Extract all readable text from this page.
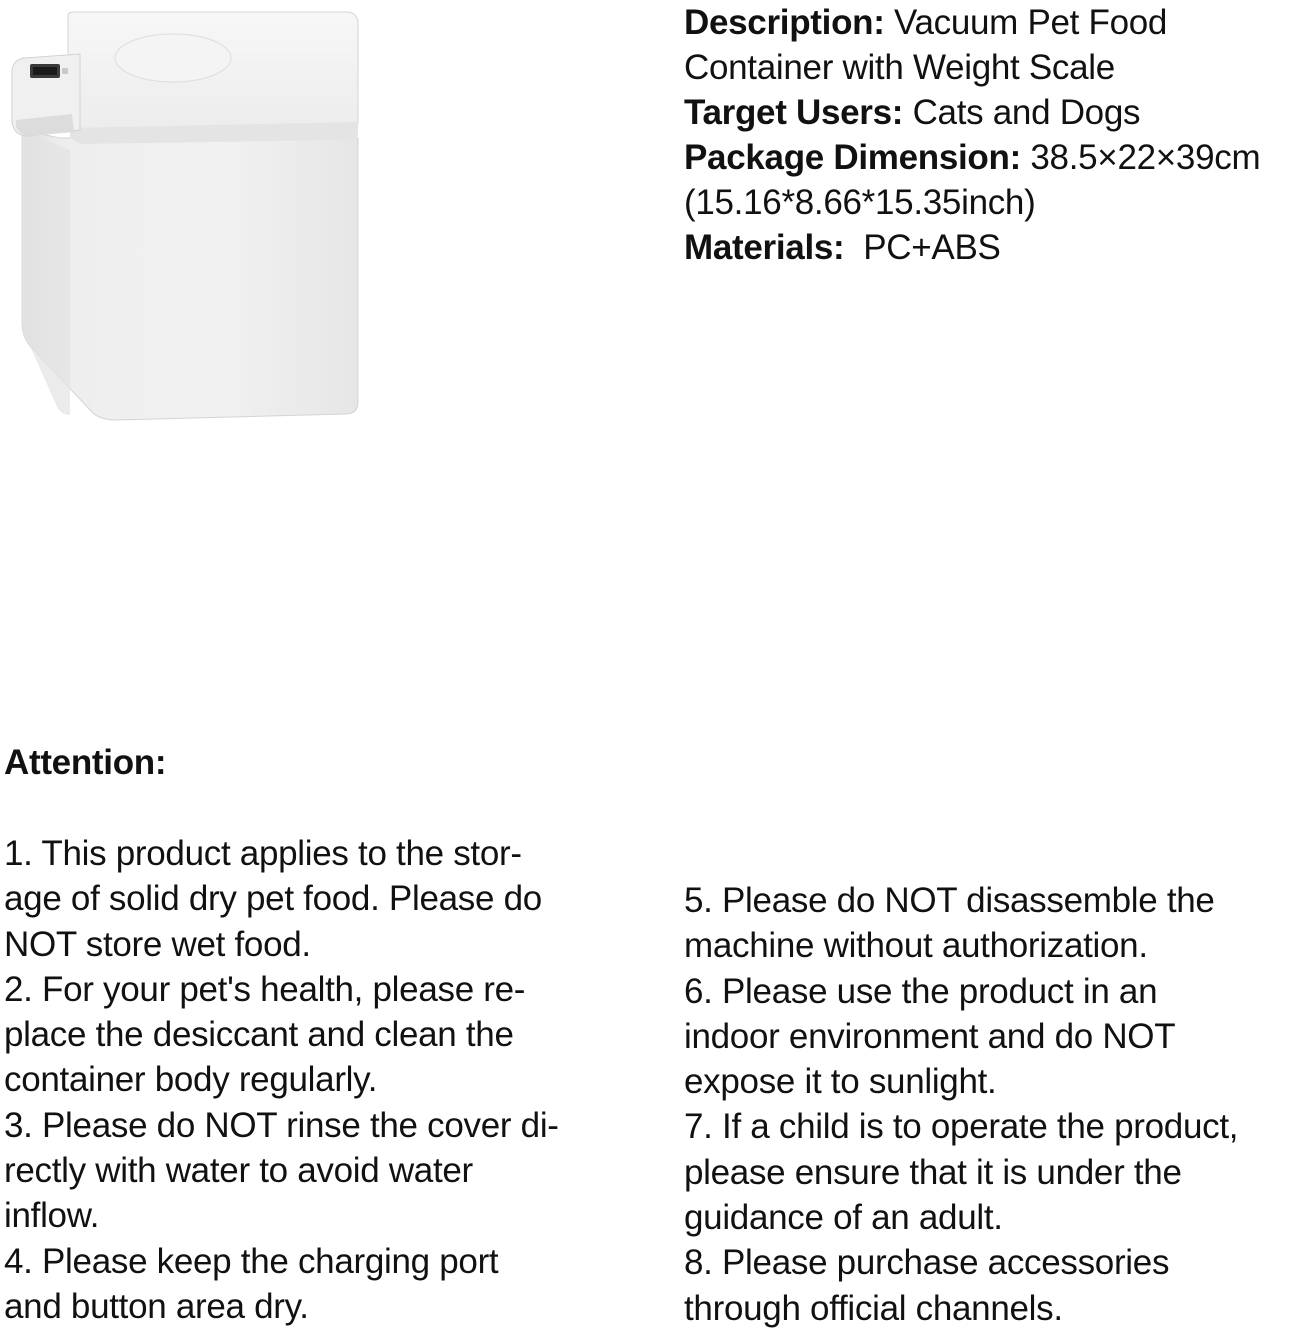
Description: Vacuum Pet Food
Container with Weight Scale
Target Users: Cats and Dogs
Package Dimension: 38.5×22×39cm
(15.16*8.66*15.35inch)
Materials: PC+ABS
Attention:
1. This product applies to the stor-
age of solid dry pet food. Please do
NOT store wet food.
2. For your pet's health, please re-
place the desiccant and clean the
container body regularly.
3. Please do NOT rinse the cover di-
rectly with water to avoid water
inflow.
4. Please keep the charging port
and button area dry.
5. Please do NOT disassemble the
machine without authorization.
6. Please use the product in an
indoor environment and do NOT
expose it to sunlight.
7. If a child is to operate the product,
please ensure that it is under the
guidance of an adult.
8. Please purchase accessories
through official channels.
